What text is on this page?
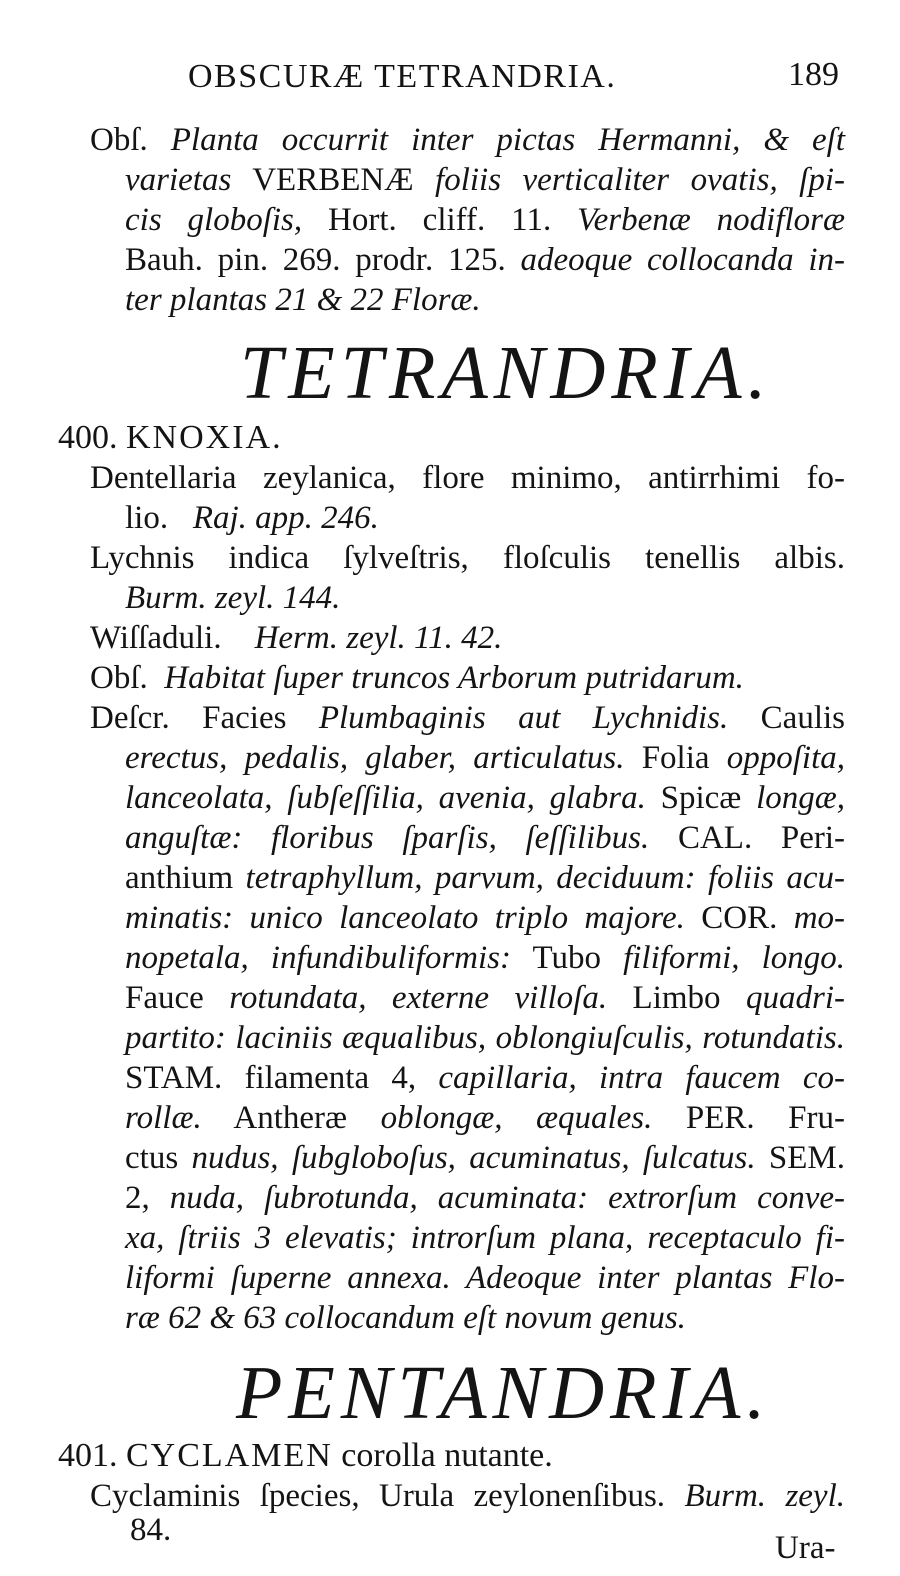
OBSCURÆ TETRANDRIA.	189
Obſ. Planta occurrit inter pictas Hermanni, & eſt
varietas VERBENÆ foliis verticaliter ovatis, ſpi-
cis globoſis, Hort. cliff. 11. Verbenæ nodifloræ
Bauh. pin. 269. prodr. 125. adeoque collocanda in-
ter plantas 21 & 22 Floræ.
TETRANDRIA.
400. KNOXIA.
Dentellaria zeylanica, flore minimo, antirrhimi fo-
lio. Raj. app. 246.
Lychnis indica ſylveſtris, floſculis tenellis albis.
Burm. zeyl. 144.
Wiſſaduli. Herm. zeyl. 11. 42.
Obſ. Habitat ſuper truncos Arborum putridarum.
Deſcr. Facies Plumbaginis aut Lychnidis. Caulis
erectus, pedalis, glaber, articulatus. Folia oppoſita,
lanceolata, ſubſeſſilia, avenia, glabra. Spicæ longæ,
anguſtæ: floribus ſparſis, ſeſſilibus. CAL. Peri-
anthium tetraphyllum, parvum, deciduum: foliis acu-
minatis: unico lanceolato triplo majore. COR. mo-
nopetala, infundibuliformis: Tubo filiformi, longo.
Fauce rotundata, externe villoſa. Limbo quadri-
partito: laciniis æqualibus, oblongiuſculis, rotundatis.
STAM. filamenta 4, capillaria, intra faucem co-
rollæ. Antheræ oblongæ, æquales. PER. Fru-
ctus nudus, ſubgloboſus, acuminatus, ſulcatus. SEM.
2, nuda, ſubrotunda, acuminata: extrorſum conve-
xa, ſtriis 3 elevatis; introrſum plana, receptaculo fi-
liformi ſuperne annexa. Adeoque inter plantas Flo-
ræ 62 & 63 collocandum eſt novum genus.
PENTANDRIA.
401. CYCLAMEN corolla nutante.
Cyclaminis ſpecies, Urula zeylonenſibus. Burm. zeyl.
84.	Ura-
